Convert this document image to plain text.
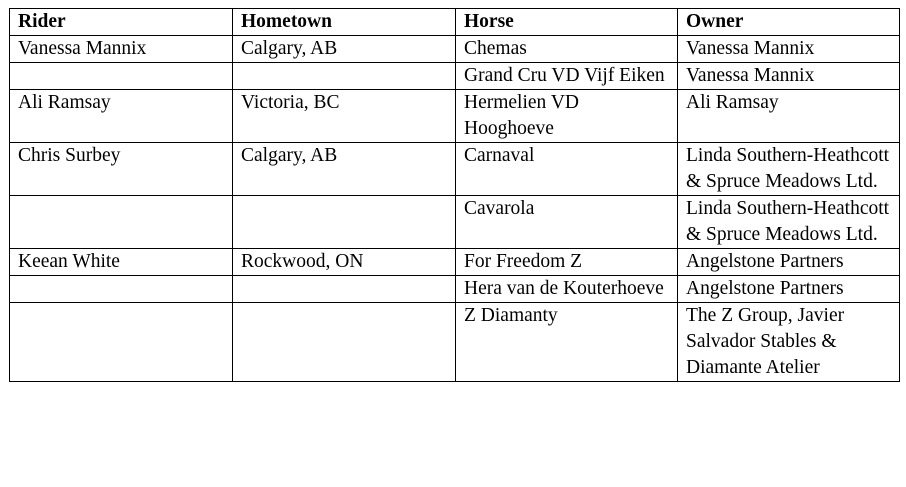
Rider	Hometown	Horse	Owner
Vanessa Mannix	Calgary, AB	Chemas	Vanessa Mannix
		Grand Cru VD Vijf Eiken	Vanessa Mannix
Ali Ramsay	Victoria, BC	Hermelien VD Hooghoeve	Ali Ramsay
Chris Surbey	Calgary, AB	Carnaval	Linda Southern-Heathcott & Spruce Meadows Ltd.
		Cavarola	Linda Southern-Heathcott & Spruce Meadows Ltd.
Keean White	Rockwood, ON	For Freedom Z	Angelstone Partners
		Hera van de Kouterhoeve	Angelstone Partners
		Z Diamanty	The Z Group, Javier Salvador Stables & Diamante Atelier
